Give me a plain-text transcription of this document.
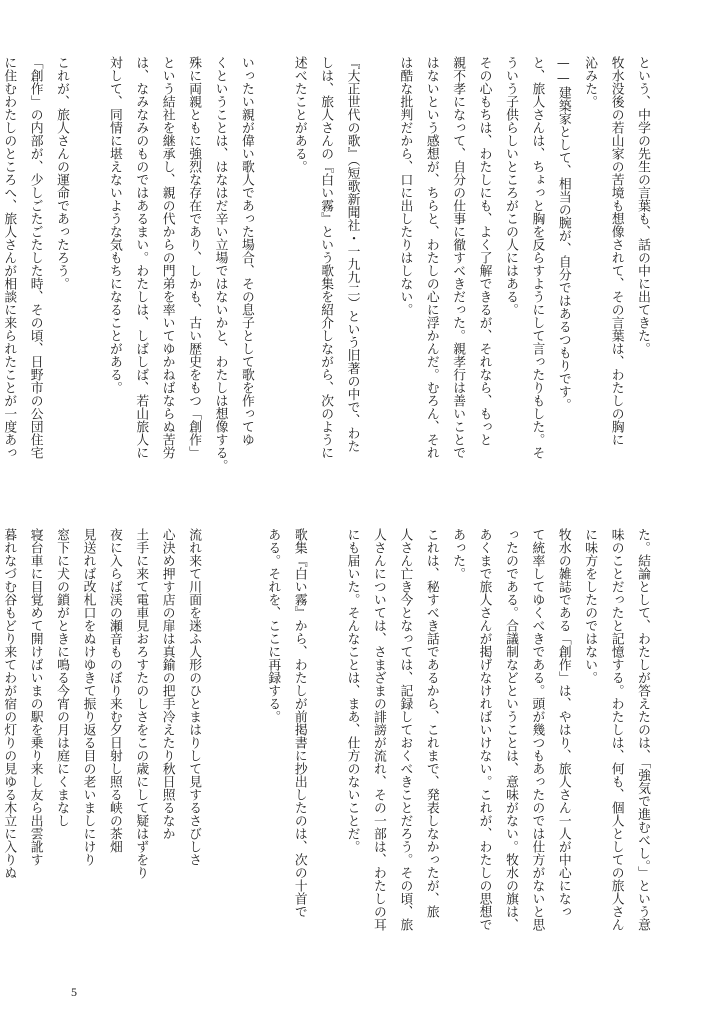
という、中学の先生の言葉も、話の中に出てきた。

牧水没後の若山家の苦境も想像されて、その言葉は、わたしの胸に

沁みた。

——建築家として、相当の腕が、自分ではあるつもりです。

と、旅人さんは、ちょっと胸を反らすようにして言ったりもした。そ

ういう子供らしいところがこの人にはある。

その心もちは、わたしにも、よく了解できるが、それなら、もっと

親不孝になって、自分の仕事に徹すべきだった。親孝行は善いことで

はないという感想が、ちらと、わたしの心に浮かんだ。むろん、それ

は酷な批判だから、口に出したりはしない。

『大正世代の歌』（短歌新聞社・一九九二）という旧著の中で、わた

しは、旅人さんの『白い霧』という歌集を紹介しながら、次のように

述べたことがある。

いったい親が偉い歌人であった場合、その息子として歌を作ってゆ

くということは、はなはだ辛い立場ではないかと、わたしは想像する。

殊に両親ともに強烈な存在であり、しかも、古い歴史をもつ「創作」

という結社を継承し、親の代からの門弟を率いてゆかねばならぬ苦労

は、なみなみのものではあるまい。わたしは、しばしば、若山旅人に

対して、同情に堪えないような気もちになることがある。

これが、旅人さんの運命であったろう。

「創作」の内部が、少しごたごたした時、その頃、日野市の公団住宅

に住むわたしのところへ、旅人さんが相談に来られたことが一度あっ

た。結論として、わたしが答えたのは、「強気で進むべし。」という意

味のことだったと記憶する。わたしは、何も、個人としての旅人さん

に味方をしたのではない。

牧水の雑誌である「創作」は、やはり、旅人さん一人が中心になっ

て統率してゆくべきである。頭が幾つもあったのでは仕方がないと思

ったのである。合議制などということは、意味がない。牧水の旗は、

あくまで旅人さんが掲げなければいけない。これが、わたしの思想で

あった。

これは、秘すべき話であるから、これまで、発表しなかったが、旅

人さん亡き今となっては、記録しておくべきことだろう。その頃、旅

人さんについては、さまざまの誹謗が流れ、その一部は、わたしの耳

にも届いた。そんなことは、まあ、仕方のないことだ。

歌集『白い霧』から、わたしが前掲書に抄出したのは、次の十首で

ある。それを、ここに再録する。

流れ来て川面を迷ふ人形のひとまはりして見するさびしさ

心決め押す店の扉は真鍮の把手冷えたり秋日照るなか

土手に来て電車見おろすたのしさをこの歳にして疑はずをり

夜に入らば渓の瀬音ものぼり来む夕日射し照る峡の茶畑

見送れば改札口をぬけゆきて振り返る目の老いましにけり

窓下に犬の鎖がときに鳴る今宵の月は庭にくまなし

寝台車に目覚めて開けばいまの駅を乗り来し友ら出雲訛す

暮れなづむ谷もどり来てわが宿の灯りの見ゆる木立に入りぬ

5
